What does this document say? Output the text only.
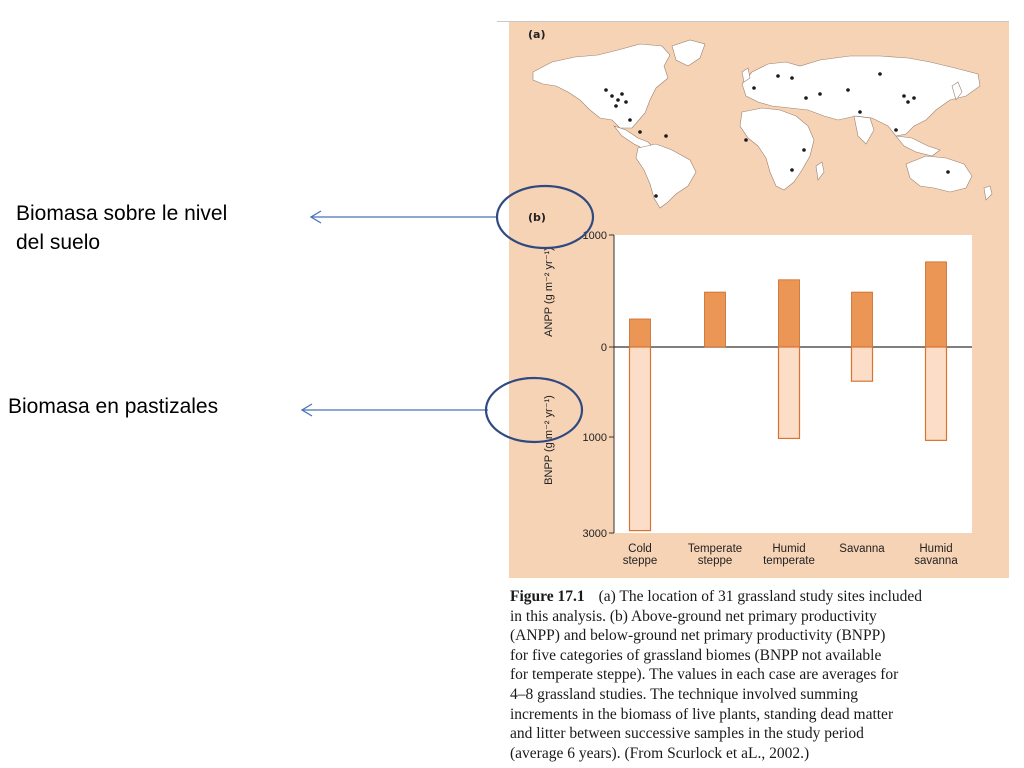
Biomasa sobre le nivel
del suelo
Biomasa en pastizales
(a)
(b)
1000
0
1000
3000
Cold
steppe
Temperate
steppe
Humid
temperate
Savanna	Humid
savanna
ANPP (g m⁻² yr⁻¹)
BNPP (g m⁻² yr⁻¹)
Figure 17.1 (a) The location of 31 grassland study sites included
in this analysis. (b) Above-ground net primary productivity
(ANPP) and below-ground net primary productivity (BNPP)
for five categories of grassland biomes (BNPP not available
for temperate steppe). The values in each case are averages for
4–8 grassland studies. The technique involved summing
increments in the biomass of live plants, standing dead matter
and litter between successive samples in the study period
(average 6 years). (From Scurlock et aL., 2002.)
